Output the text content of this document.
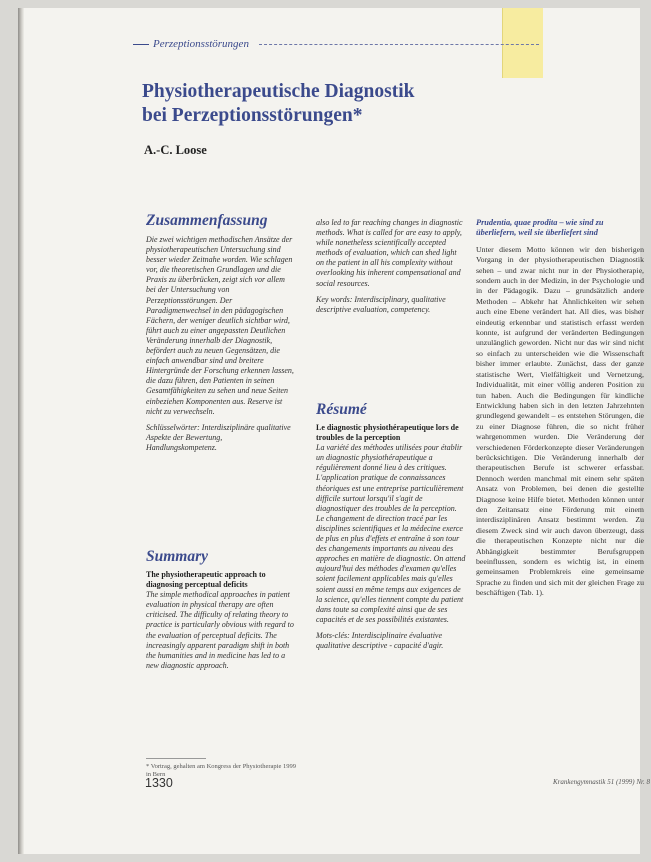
Perzeptionsstörungen
Physiotherapeutische Diagnostik
bei Perzeptionsstörungen*
A.-C. Loose
Zusammenfassung

Die zwei wichtigen methodischen Ansätze der physiotherapeutischen Untersuchung sind besser wieder Zeitnahe worden. Wie schlagen vor, die theoretischen Grundlagen und die Praxis zu überbrücken, zeigt sich vor allem bei der Untersuchung von Perzeptionsstörungen. Der Paradigmenwechsel in den pädagogischen Fächern, der weniger deutlich sichtbar wird, führt auch zu einer angepassten Deutlichen Veränderung innerhalb der Diagnostik, befördert auch zu neuen Gegensätzen, die einfach anwendbar sind und breitere Hintergründe der Forschung erkennen lassen, die dazu führen, den Patienten in seinen Gesamtfähigkeiten zu sehen und neue Seiten einbeziehen Komponenten aus. Reserve ist nicht zu verwechseln.

Schlüsselwörter: Interdisziplinäre qualitative Aspekte der Bewertung, Handlungskompetenz.

Summary

The physiotherapeutic approach to diagnosing perceptual deficits

The simple methodical approaches in patient evaluation in physical therapy are often criticised. The difficulty of relating theory to practice is particularly obvious with regard to the evaluation of perceptual deficits. The increasingly apparent paradigm shift in both the humanities and in medicine has led to a new diagnostic approach.

also led to far reaching changes in diagnostic methods. What is called for are easy to apply, while nonetheless scientifically accepted methods of evaluation, which can shed light on the patient in all his complexity without overlooking his inherent compensational and social resources.

Key words: Interdisciplinary, qualitative descriptive evaluation, competency.

Résumé

Le diagnostic physiothérapeutique lors de troubles de la perception

La variété des méthodes utilisées pour établir un diagnostic physiothérapeutique a régulièrement donné lieu à des critiques. L'application pratique de connaissances théoriques est une entreprise particulièrement difficile surtout lorsqu'il s'agit de diagnostiquer des troubles de la perception. Le changement de direction tracé par les disciplines scientifiques et la médecine exerce de plus en plus d'effets et entraîne à son tour des changements importants au niveau des approches en matière de diagnostic. On attend aujourd'hui des méthodes d'examen qu'elles soient facilement applicables mais qu'elles soient aussi en même temps aux exigences de la science, qu'elles tiennent compte du patient dans toute sa complexité ainsi que de ses capacités et de ses possibilités existantes.

Mots-clés: Interdisciplinaire évaluative qualitative descriptive - capacité d'agir.

Prudentia, quae prodita – wie sind zu überliefern, weil sie überliefert sind

Unter diesem Motto können wir den bisherigen Vorgang in der physiotherapeutischen Diagnostik sehen – und zwar nicht nur in der Physiotherapie, sondern auch in der Medizin, in der Psychologie und in der Pädagogik. Dazu – grundsätzlich andere Methoden – Abkehr hat Ähnlichkeiten wir sehen auch eine Ebene verändert hat. All dies, was bisher eindeutig erkennbar und statistisch erfasst werden konnte, ist aufgrund der veränderten Bedingungen unzulänglich geworden. Nicht nur das wir sind nicht so einfach zu unterscheiden wie die Wissenschaft bisher immer erlaubte. Zunächst, dass der ganze statistische Wert, Vielfältigkeit und Vernetzung, Individualität, mit einer völlig anderen Position zu tun haben. Auch die Bedingungen für kindliche Entwicklung haben sich in den letzten Jahrzehnten grundlegend gewandelt – es entstehen Störungen, die zu einer Diagnose führen, die so nicht früher wahrgenommen wurden. Die Veränderung der verschiedenen Förderkonzepte dieser Veränderungen berücksichtigen. Die Veränderung innerhalb der therapeutischen Berufe ist schwerer erfassbar. Dennoch werden manchmal mit einem sehr späten Ansatz von Problemen, bei denen die gestellte Diagnose keine Hilfe bietet. Methoden können unter den Zeitansatz eine Förderung mit einem interdisziplinären Ansatz bestimmt werden. Zu diesem Zweck sind wir auch davon überzeugt, dass die therapeutischen Konzepte nicht nur die Abhängigkeit bestimmter Berufsgruppen beeinflussen, sondern es wichtig ist, in einem gemeinsamen Problemkreis eine gemeinsame Sprache zu finden und sich mit der gleichen Frage zu beschäftigen (Tab. 1).

* Vortrag, gehalten am Kongress der Physiotherapie 1999 in Bern
1330	Krankengymnastik 51 (1999) Nr. 8
